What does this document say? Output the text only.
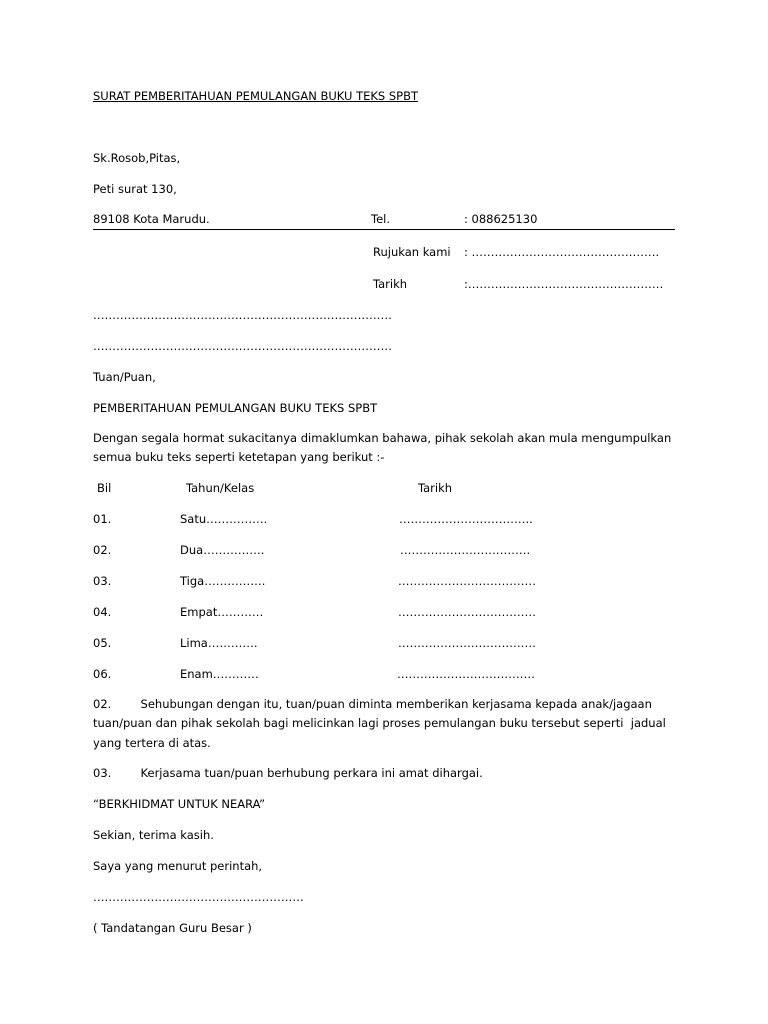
SURAT PEMBERITAHUAN PEMULANGAN BUKU TEKS SPBT
Sk.Rosob,Pitas,
Peti surat 130,
89108 Kota Marudu.	Tel.	: 088625130
Rujukan kami : ………………………………………….
Tarikh	:……………………………………………
……………………………………………………………………
……………………………………………………………………
Tuan/Puan,
PEMBERITAHUAN PEMULANGAN BUKU TEKS SPBT
Dengan segala hormat sukacitanya dimaklumkan bahawa, pihak sekolah akan mula mengumpulkan
semua buku teks seperti ketetapan yang berikut :-
Bil	Tahun/Kelas	Tarikh
01.	Satu…………….	……………………………..
02.	Dua…………….	…………………………….
03.	Tiga…………….	………………………………
04.	Empat…………	………………………………
05.	Lima………….	………………………………
06.	Enam…………	………………………………
02.        Sehubungan dengan itu, tuan/puan diminta memberikan kerjasama kepada anak/jagaan
tuan/puan dan pihak sekolah bagi melicinkan lagi proses pemulangan buku tersebut seperti  jadual
yang tertera di atas.
03.        Kerjasama tuan/puan berhubung perkara ini amat dihargai.
“BERKHIDMAT UNTUK NEARA”
Sekian, terima kasih.
Saya yang menurut perintah,
……………………………………………….
( Tandatangan Guru Besar )
